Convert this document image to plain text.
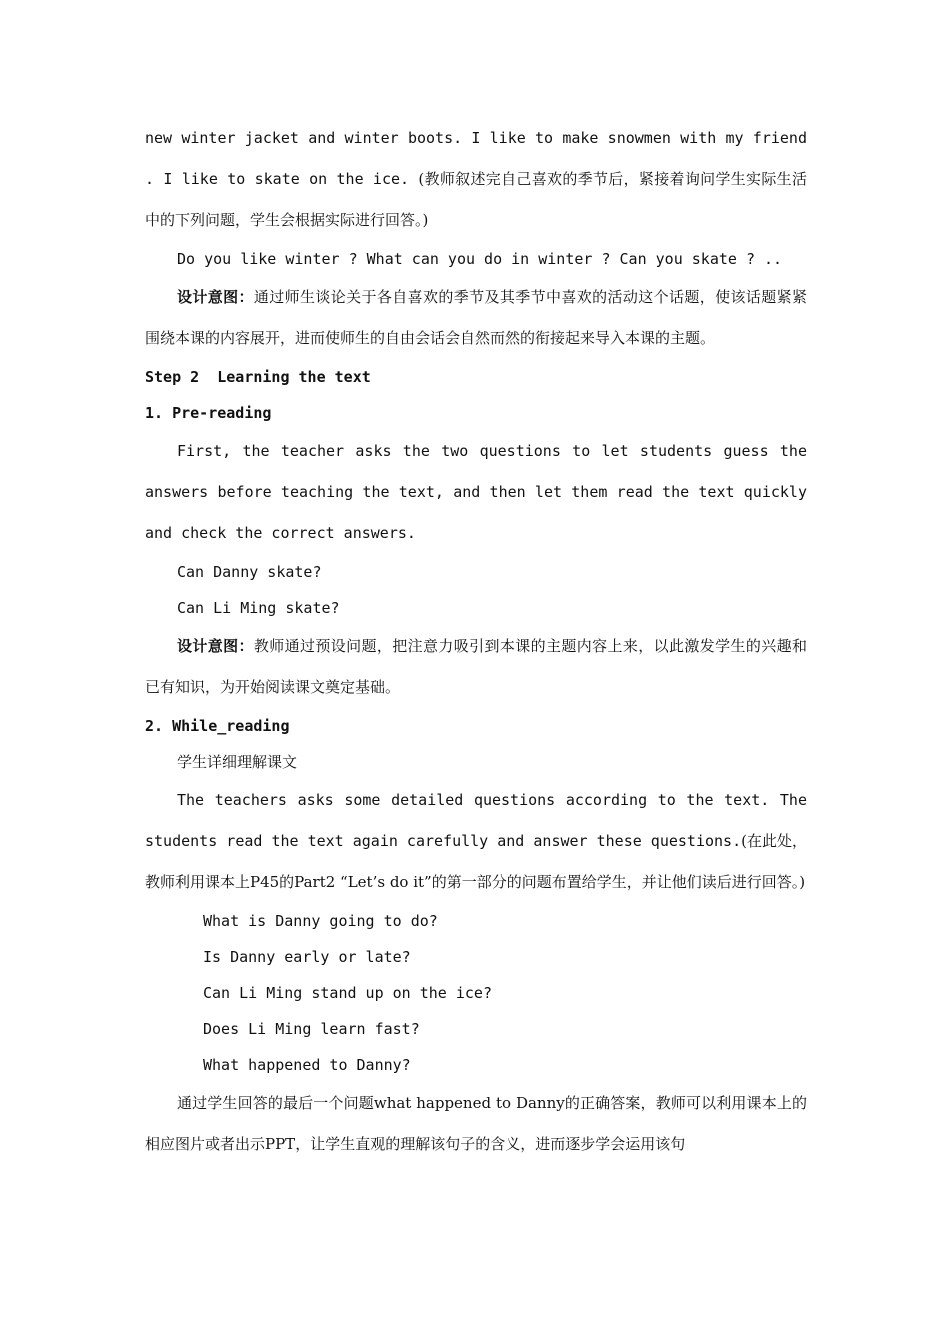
new winter jacket and winter boots. I like to make snowmen with my friend . I like to skate on the ice. (教师叙述完自己喜欢的季节后，紧接着询问学生实际生活中的下列问题，学生会根据实际进行回答。)

Do you like winter ? What can you do in winter ? Can you skate ? ..

设计意图：通过师生谈论关于各自喜欢的季节及其季节中喜欢的活动这个话题，使该话题紧紧围绕本课的内容展开，进而使师生的自由会话会自然而然的衔接起来导入本课的主题。

Step 2  Learning the text

1. Pre-reading

First, the teacher asks the two questions to let students guess the answers before teaching the text, and then let them read the text quickly and check the correct answers.

Can Danny skate?

Can Li Ming skate?

设计意图：教师通过预设问题，把注意力吸引到本课的主题内容上来，以此激发学生的兴趣和已有知识，为开始阅读课文奠定基础。

2. While_reading

学生详细理解课文

The teachers asks some detailed questions according to the text. The students read the text again carefully and answer these questions.(在此处，教师利用课本上P45的Part2 “Let’s do it”的第一部分的问题布置给学生，并让他们读后进行回答。)

What is Danny going to do?

Is Danny early or late?

Can Li Ming stand up on the ice?

Does Li Ming learn fast?

What happened to Danny?

通过学生回答的最后一个问题what happened to Danny的正确答案，教师可以利用课本上的相应图片或者出示PPT，让学生直观的理解该句子的含义，进而逐步学会运用该句
